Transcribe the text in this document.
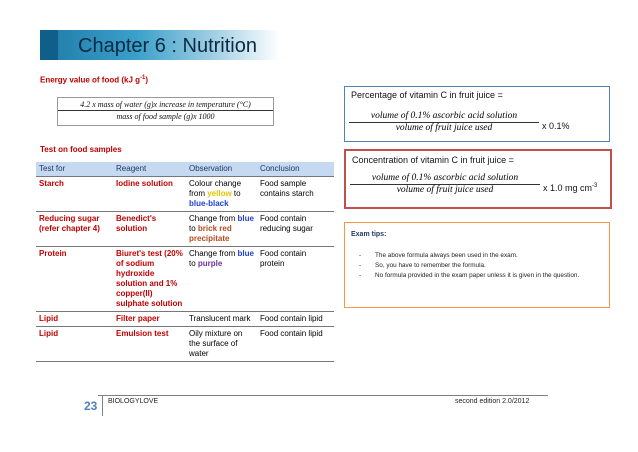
Chapter 6 : Nutrition
Energy value of food (kJ $g^{-1}$)
4.2 x mass of water (g)x increase in temperature (°C)
mass of food sample (g)x 1000
Test on food samples
Test for	Reagent	Observation	Conclusion
Starch	Iodine solution	Colour change from yellow to blue-black	Food sample contains starch
Reducing sugar (refer chapter 4)	Benedict's solution	Change from blue to brick red precipitate	Food contain reducing sugar
Protein	Biuret's test (20% of sodium hydroxide solution and 1% copper(II) sulphate solution	Change from blue to purple	Food contain protein
Lipid	Filter paper	Translucent mark	Food contain lipid
Lipid	Emulsion test	Oily mixture on the surface of water	Food contain lipid
Percentage of vitamin C in fruit juice =
volume of 0.1% ascorbic acid solution
volume of fruit juice used	x 0.1%
Concentration of vitamin C in fruit juice =
volume of 0.1% ascorbic acid solution
volume of fruit juice used	x 1.0 mg $cm^{-3}$
Exam tips:
- The above formula always been used in the exam.
- So, you have to remember the formula.
- No formula provided in the exam paper unless it is given in the question.
23 BIOLOGYLOVE	second edition 2.0/2012
